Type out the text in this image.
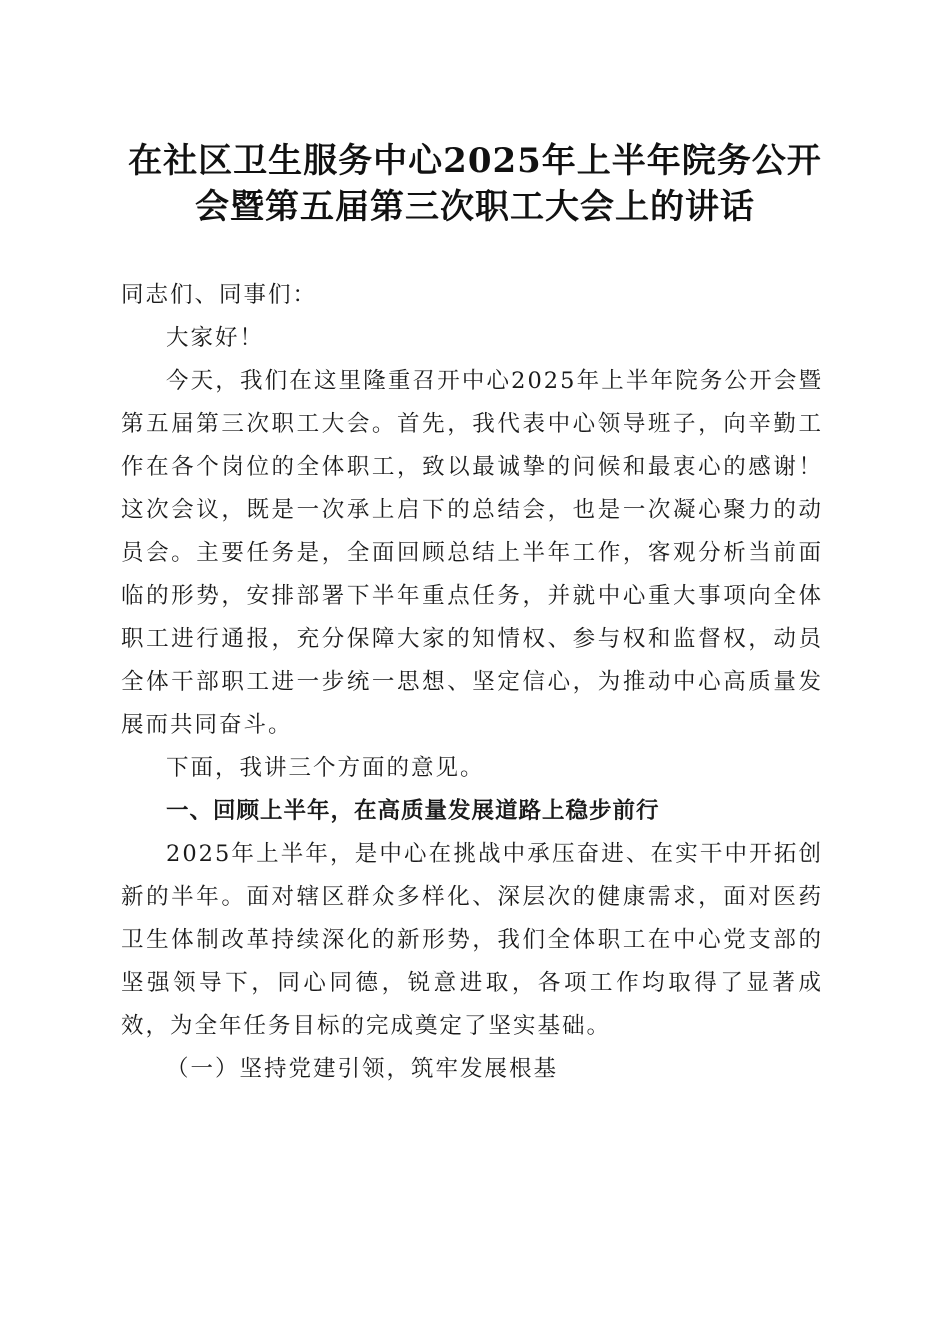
在社区卫生服务中心2025年上半年院务公开
会暨第五届第三次职工大会上的讲话

同志们、同事们：

大家好！

今天，我们在这里隆重召开中心2025年上半年院务公开会暨第五届第三次职工大会。首先，我代表中心领导班子，向辛勤工作在各个岗位的全体职工，致以最诚挚的问候和最衷心的感谢！这次会议，既是一次承上启下的总结会，也是一次凝心聚力的动员会。主要任务是，全面回顾总结上半年工作，客观分析当前面临的形势，安排部署下半年重点任务，并就中心重大事项向全体职工进行通报，充分保障大家的知情权、参与权和监督权，动员全体干部职工进一步统一思想、坚定信心，为推动中心高质量发展而共同奋斗。

下面，我讲三个方面的意见。

一、回顾上半年，在高质量发展道路上稳步前行

2025年上半年，是中心在挑战中承压奋进、在实干中开拓创新的半年。面对辖区群众多样化、深层次的健康需求，面对医药卫生体制改革持续深化的新形势，我们全体职工在中心党支部的坚强领导下，同心同德，锐意进取，各项工作均取得了显著成效，为全年任务目标的完成奠定了坚实基础。

（一）坚持党建引领，筑牢发展根基
